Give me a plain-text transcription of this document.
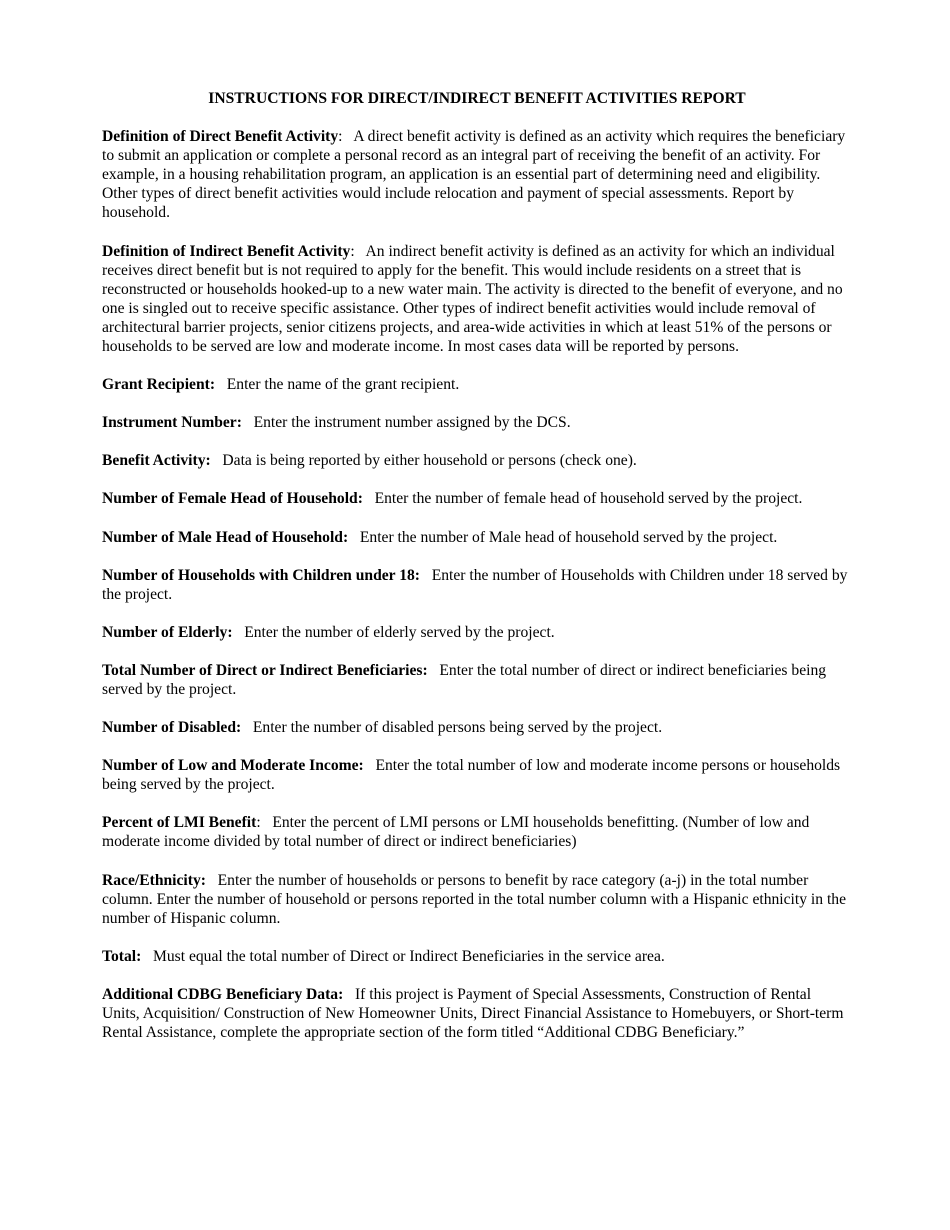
INSTRUCTIONS FOR DIRECT/INDIRECT BENEFIT ACTIVITIES REPORT

Definition of Direct Benefit Activity:   A direct benefit activity is defined as an activity which requires the beneficiary to submit an application or complete a personal record as an integral part of receiving the benefit of an activity. For example, in a housing rehabilitation program, an application is an essential part of determining need and eligibility. Other types of direct benefit activities would include relocation and payment of special assessments. Report by household.

Definition of Indirect Benefit Activity:   An indirect benefit activity is defined as an activity for which an individual receives direct benefit but is not required to apply for the benefit. This would include residents on a street that is reconstructed or households hooked-up to a new water main. The activity is directed to the benefit of everyone, and no one is singled out to receive specific assistance. Other types of indirect benefit activities would include removal of architectural barrier projects, senior citizens projects, and area-wide activities in which at least 51% of the persons or households to be served are low and moderate income. In most cases data will be reported by persons.

Grant Recipient: Enter the name of the grant recipient.

Instrument Number: Enter the instrument number assigned by the DCS.

Benefit Activity: Data is being reported by either household or persons (check one).

Number of Female Head of Household: Enter the number of female head of household served by the project.

Number of Male Head of Household: Enter the number of Male head of household served by the project.

Number of Households with Children under 18: Enter the number of Households with Children under 18 served by the project.

Number of Elderly: Enter the number of elderly served by the project.

Total Number of Direct or Indirect Beneficiaries: Enter the total number of direct or indirect beneficiaries being served by the project.

Number of Disabled: Enter the number of disabled persons being served by the project.

Number of Low and Moderate Income: Enter the total number of low and moderate income persons or households being served by the project.

Percent of LMI Benefit:   Enter the percent of LMI persons or LMI households benefitting. (Number of low and moderate income divided by total number of direct or indirect beneficiaries)

Race/Ethnicity: Enter the number of households or persons to benefit by race category (a-j) in the total number column. Enter the number of household or persons reported in the total number column with a Hispanic ethnicity in the number of Hispanic column.

Total: Must equal the total number of Direct or Indirect Beneficiaries in the service area.

Additional CDBG Beneficiary Data: If this project is Payment of Special Assessments, Construction of Rental Units, Acquisition/ Construction of New Homeowner Units, Direct Financial Assistance to Homebuyers, or Short-term Rental Assistance, complete the appropriate section of the form titled “Additional CDBG Beneficiary.”
